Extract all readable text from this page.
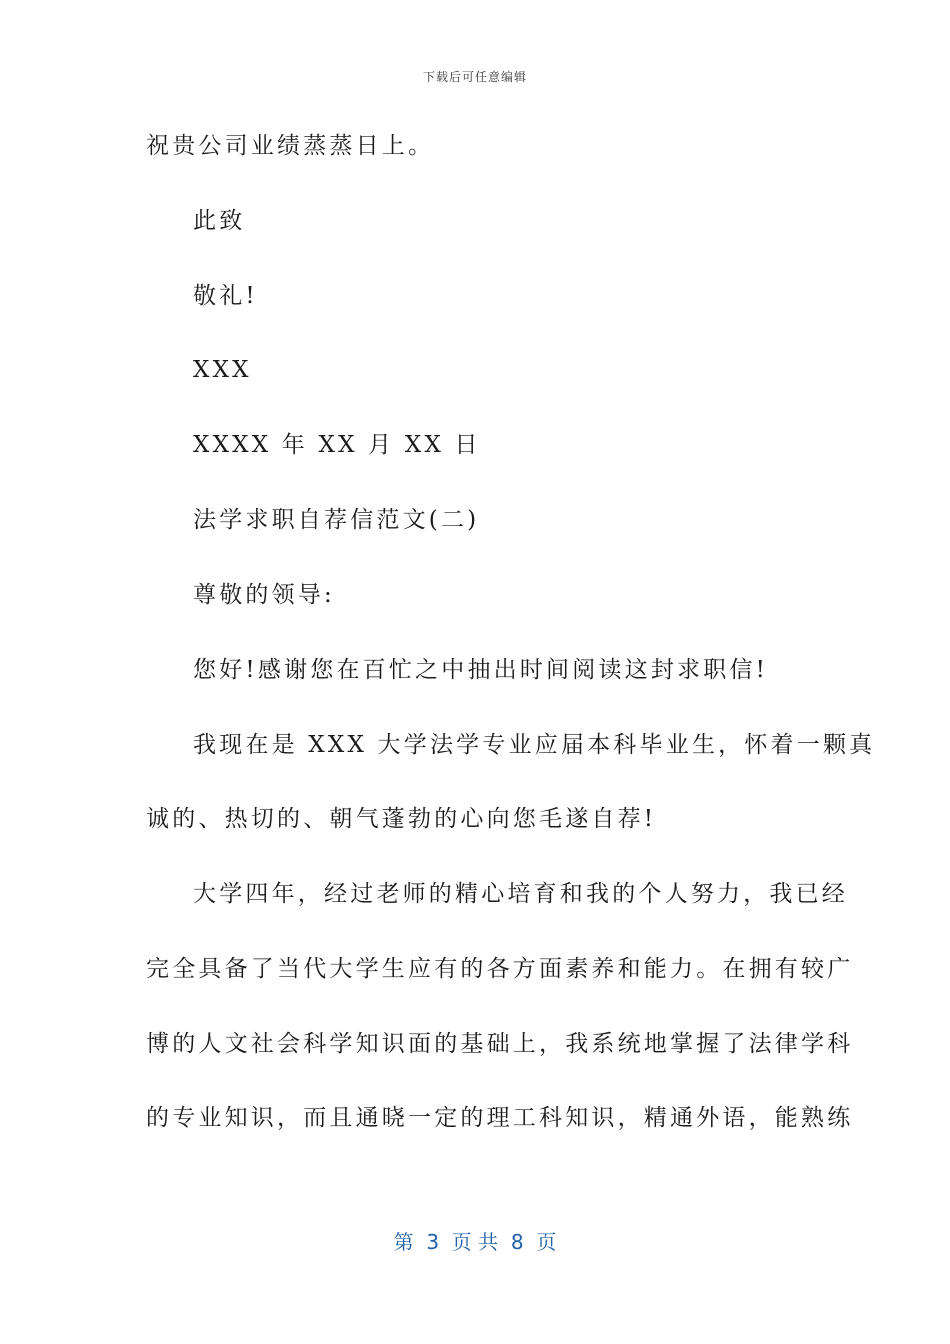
下载后可任意编辑
祝贵公司业绩蒸蒸日上。
此致
敬礼!
XXX
XXXX 年 XX 月 XX 日
法学求职自荐信范文(二)
尊敬的领导:
您好!感谢您在百忙之中抽出时间阅读这封求职信!
我现在是 XXX 大学法学专业应届本科毕业生，怀着一颗真
诚的、热切的、朝气蓬勃的心向您毛遂自荐!
大学四年，经过老师的精心培育和我的个人努力，我已经
完全具备了当代大学生应有的各方面素养和能力。在拥有较广
博的人文社会科学知识面的基础上，我系统地掌握了法律学科
的专业知识，而且通晓一定的理工科知识，精通外语，能熟练
第  3  页 共  8  页
